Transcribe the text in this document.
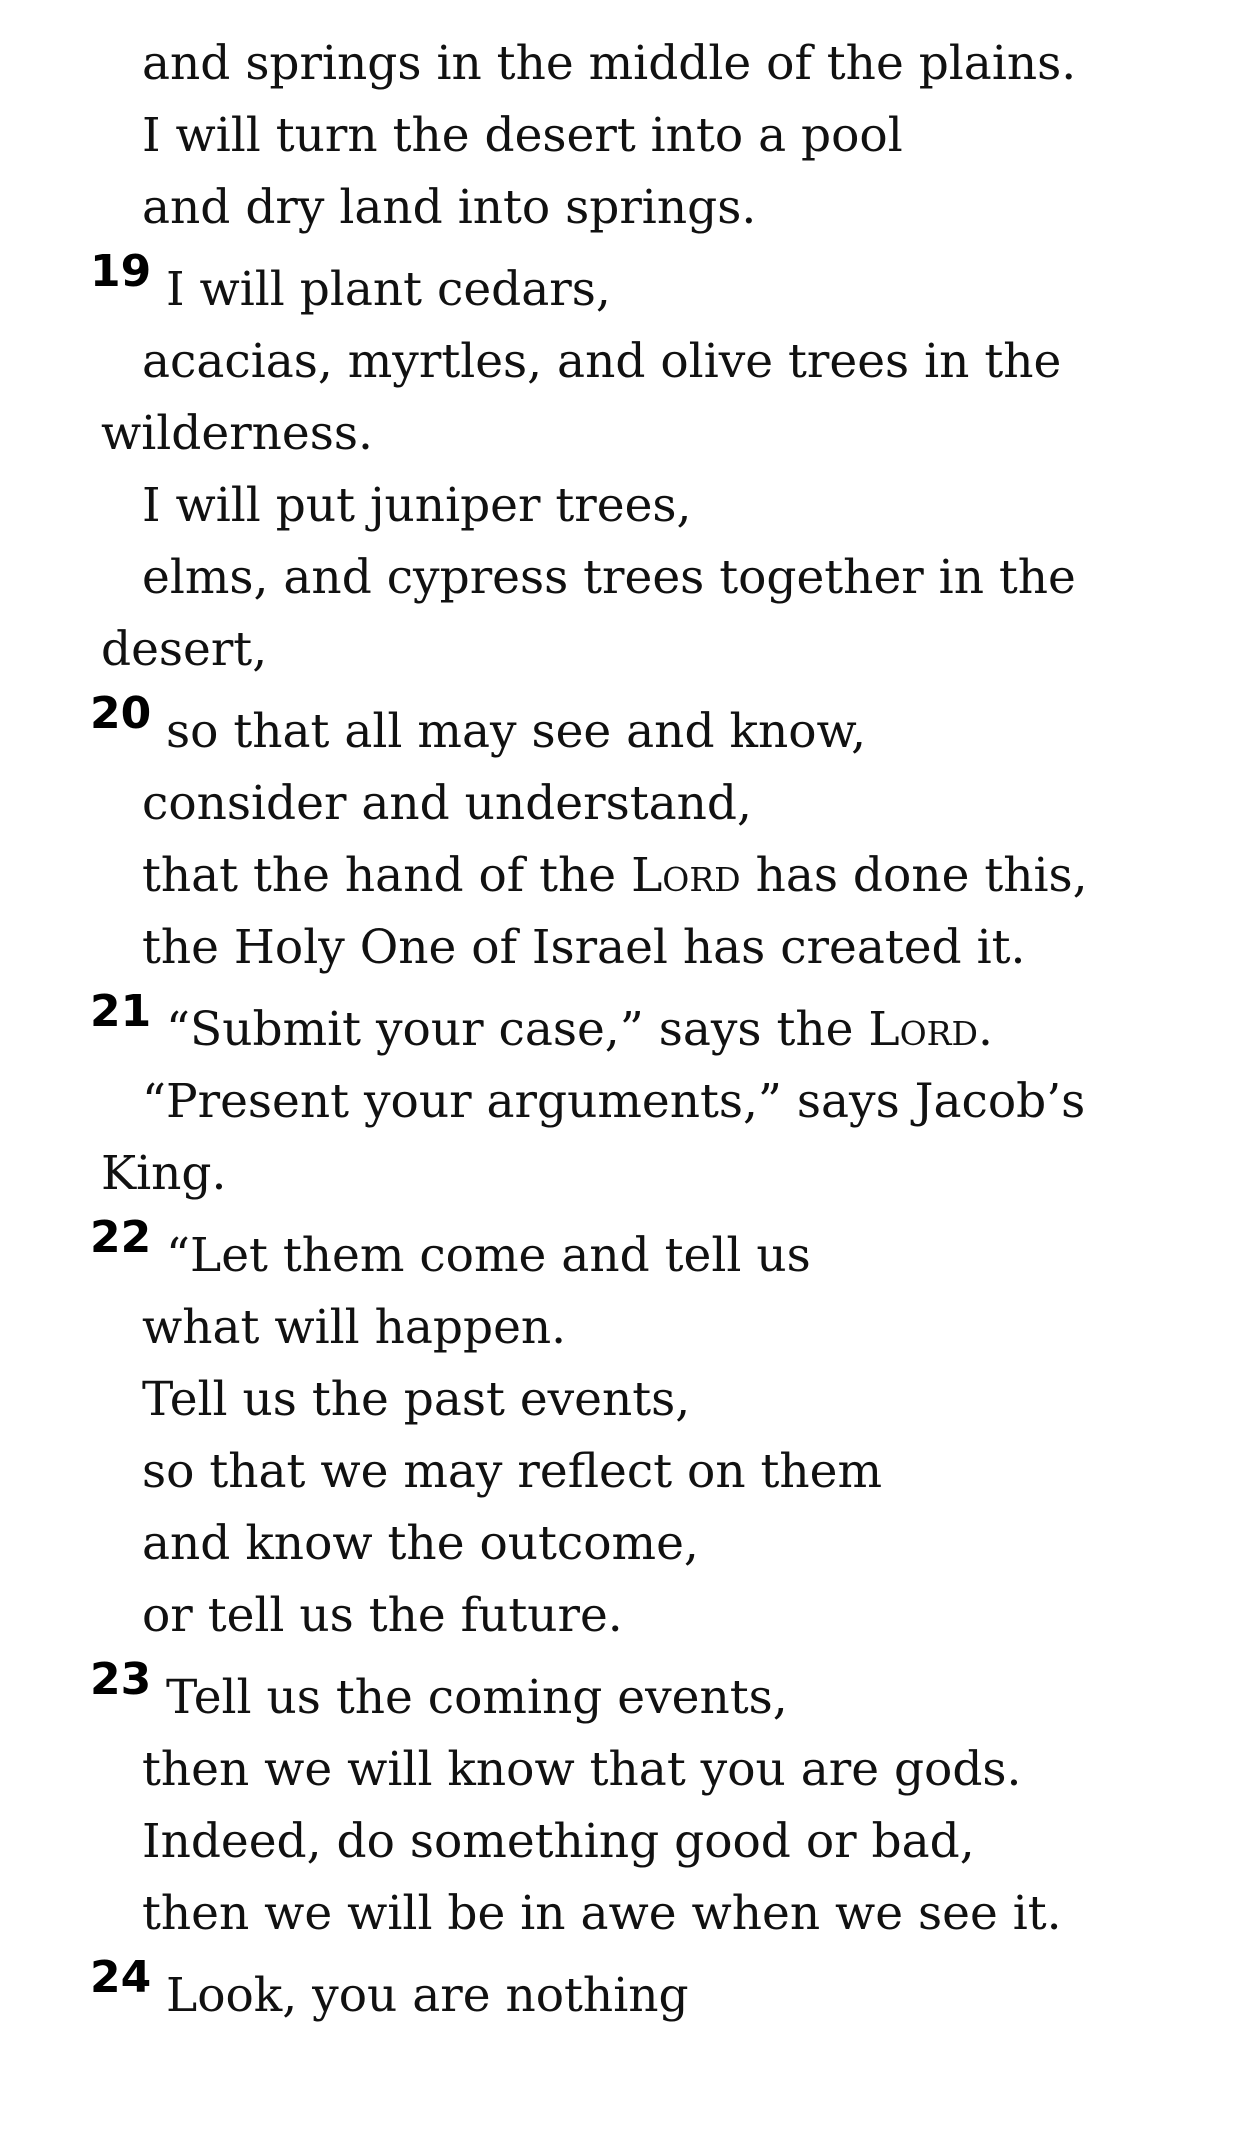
and springs in the middle of the plains.
I will turn the desert into a pool
and dry land into springs.
19 I will plant cedars,
acacias, myrtles, and olive trees in the
wilderness.
I will put juniper trees,
elms, and cypress trees together in the
desert,
20 so that all may see and know,
consider and understand,
that the hand of the Lord has done this,
the Holy One of Israel has created it.
21 “Submit your case,” says the Lord.
“Present your arguments,” says Jacob’s
King.
22 “Let them come and tell us
what will happen.
Tell us the past events,
so that we may reflect on them
and know the outcome,
or tell us the future.
23 Tell us the coming events,
then we will know that you are gods.
Indeed, do something good or bad,
then we will be in awe when we see it.
24 Look, you are nothing
